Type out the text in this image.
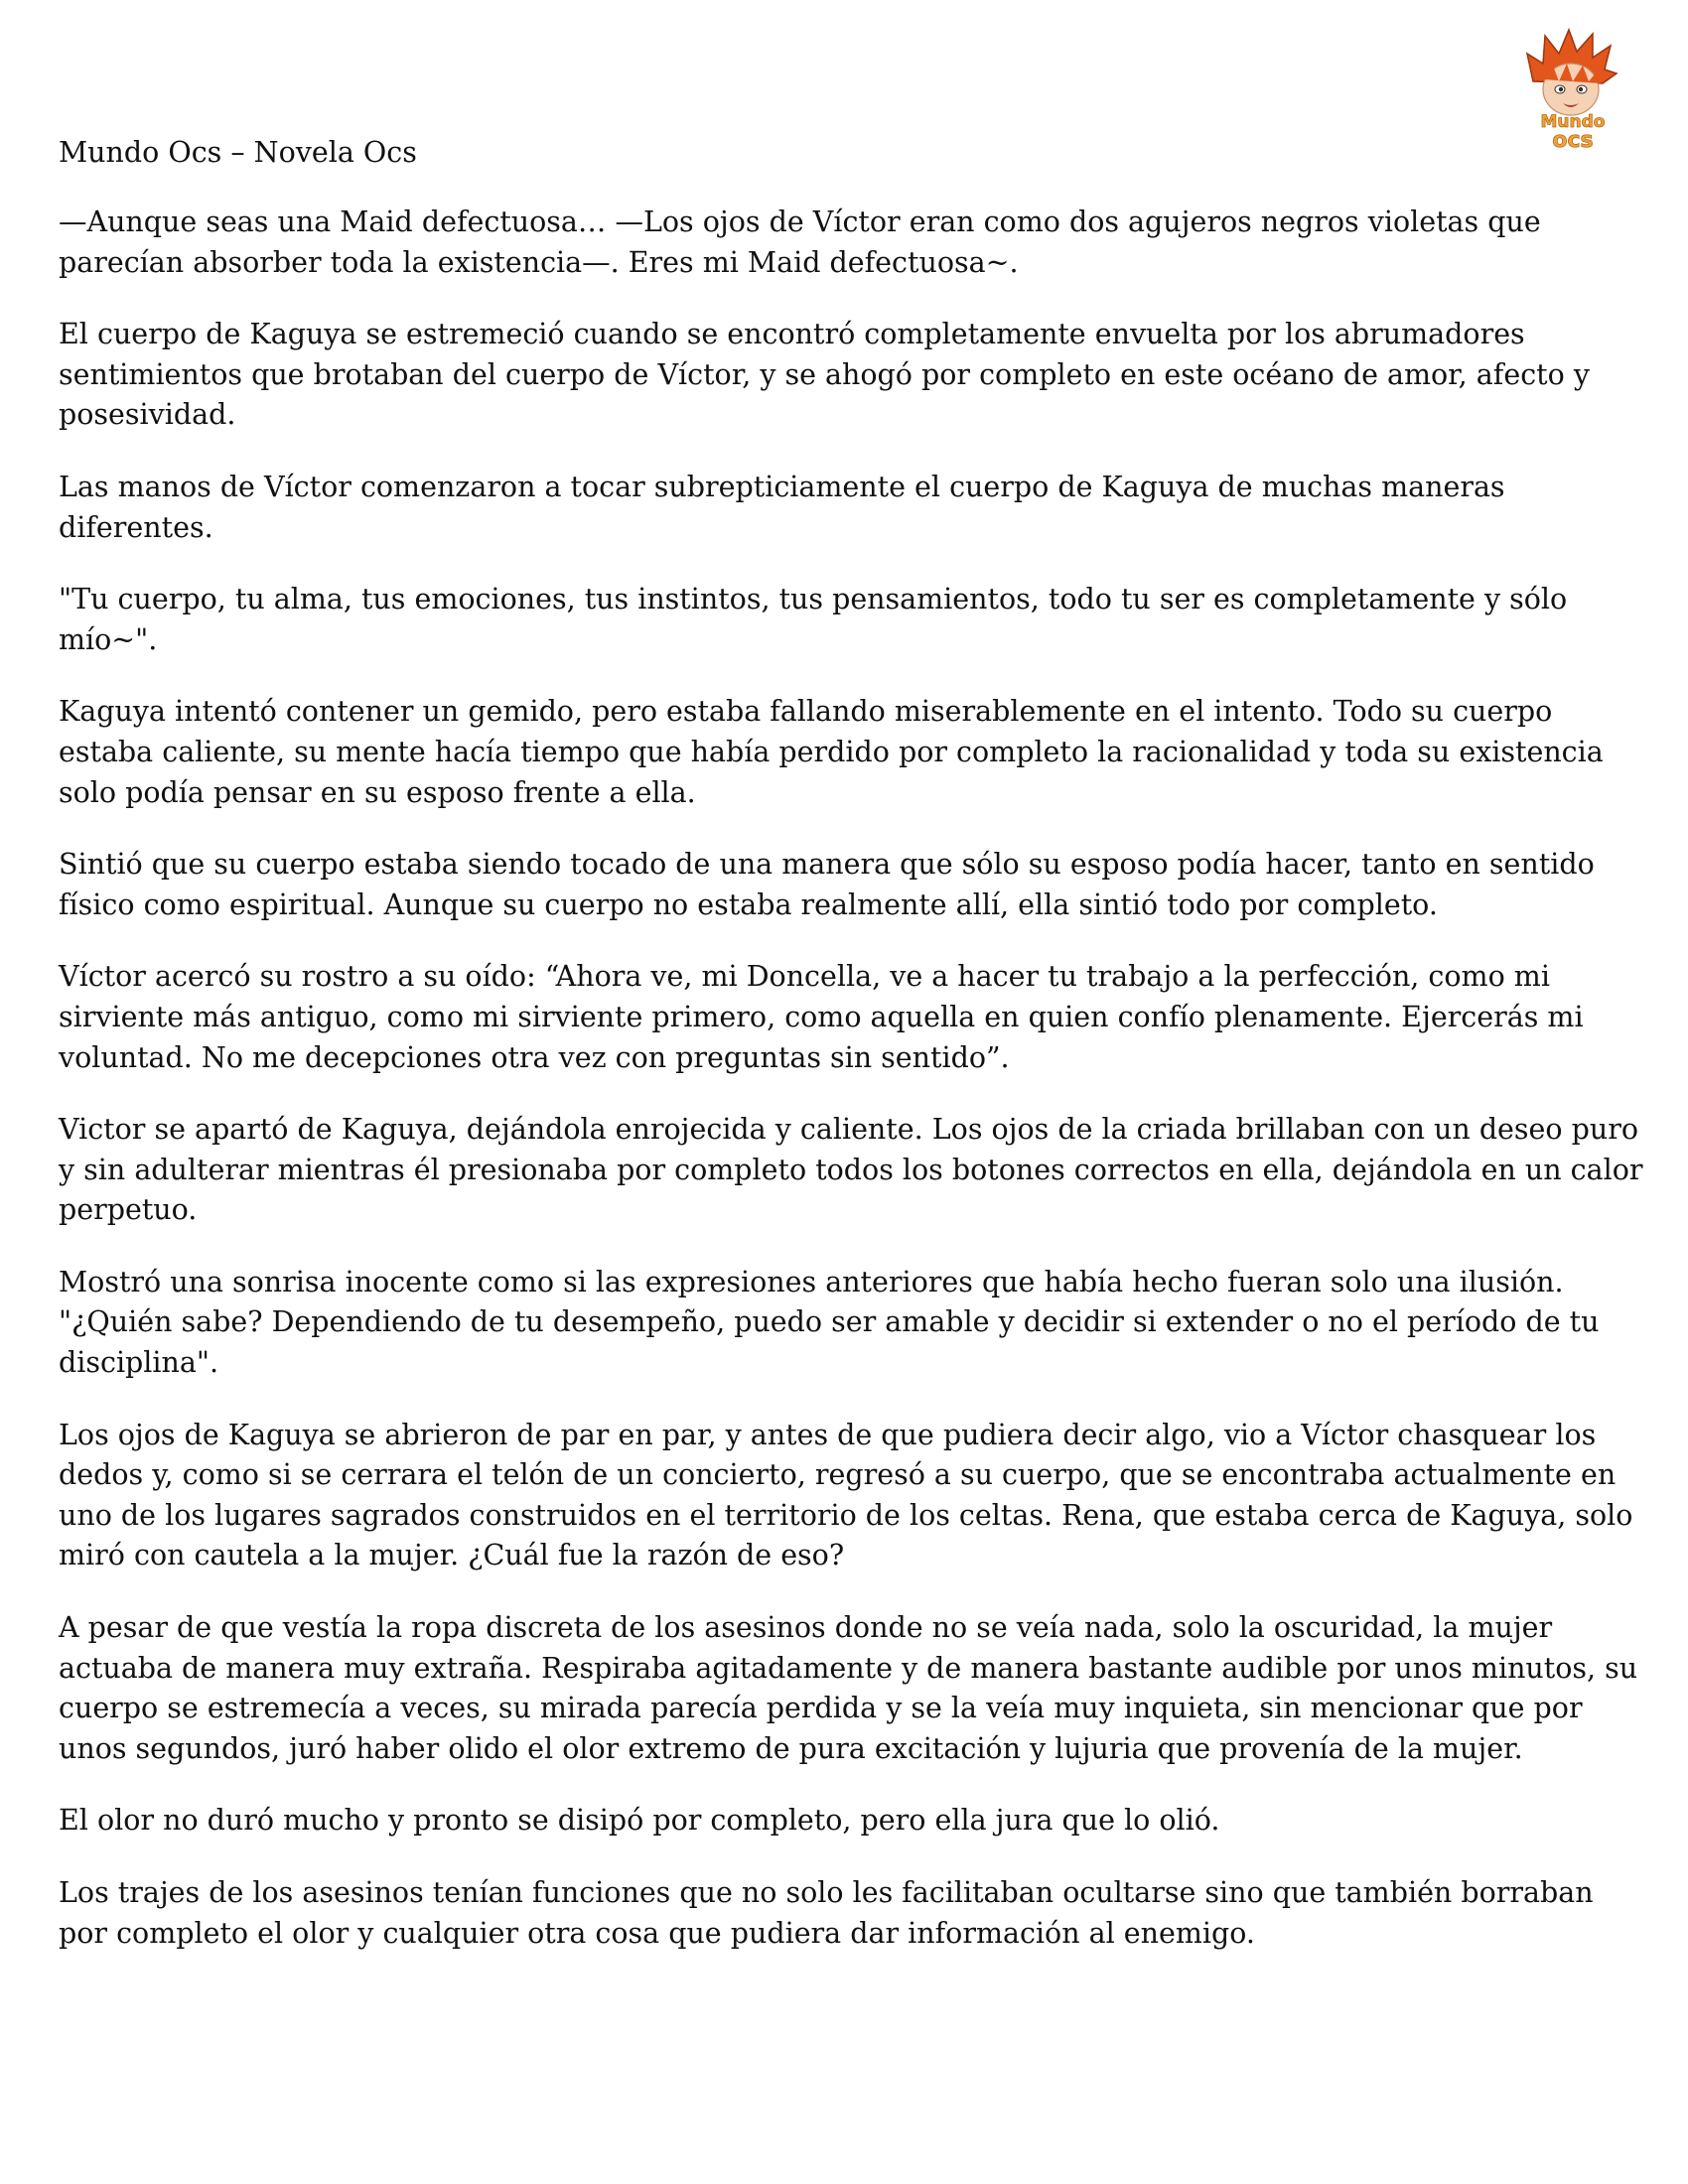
Mundo
ocs
Mundo Ocs – Novela Ocs

—Aunque seas una Maid defectuosa… —Los ojos de Víctor eran como dos agujeros negros violetas que parecían absorber toda la existencia—. Eres mi Maid defectuosa~.

El cuerpo de Kaguya se estremeció cuando se encontró completamente envuelta por los abrumadores sentimientos que brotaban del cuerpo de Víctor, y se ahogó por completo en este océano de amor, afecto y posesividad.

Las manos de Víctor comenzaron a tocar subrepticiamente el cuerpo de Kaguya de muchas maneras diferentes.

"Tu cuerpo, tu alma, tus emociones, tus instintos, tus pensamientos, todo tu ser es completamente y sólo mío~".

Kaguya intentó contener un gemido, pero estaba fallando miserablemente en el intento. Todo su cuerpo estaba caliente, su mente hacía tiempo que había perdido por completo la racionalidad y toda su existencia solo podía pensar en su esposo frente a ella.

Sintió que su cuerpo estaba siendo tocado de una manera que sólo su esposo podía hacer, tanto en sentido físico como espiritual. Aunque su cuerpo no estaba realmente allí, ella sintió todo por completo.

Víctor acercó su rostro a su oído: “Ahora ve, mi Doncella, ve a hacer tu trabajo a la perfección, como mi sirviente más antiguo, como mi sirviente primero, como aquella en quien confío plenamente. Ejercerás mi voluntad. No me decepciones otra vez con preguntas sin sentido”.

Victor se apartó de Kaguya, dejándola enrojecida y caliente. Los ojos de la criada brillaban con un deseo puro y sin adulterar mientras él presionaba por completo todos los botones correctos en ella, dejándola en un calor perpetuo.

Mostró una sonrisa inocente como si las expresiones anteriores que había hecho fueran solo una ilusión. "¿Quién sabe? Dependiendo de tu desempeño, puedo ser amable y decidir si extender o no el período de tu disciplina".

Los ojos de Kaguya se abrieron de par en par, y antes de que pudiera decir algo, vio a Víctor chasquear los dedos y, como si se cerrara el telón de un concierto, regresó a su cuerpo, que se encontraba actualmente en uno de los lugares sagrados construidos en el territorio de los celtas. Rena, que estaba cerca de Kaguya, solo miró con cautela a la mujer. ¿Cuál fue la razón de eso?

A pesar de que vestía la ropa discreta de los asesinos donde no se veía nada, solo la oscuridad, la mujer actuaba de manera muy extraña. Respiraba agitadamente y de manera bastante audible por unos minutos, su cuerpo se estremecía a veces, su mirada parecía perdida y se la veía muy inquieta, sin mencionar que por unos segundos, juró haber olido el olor extremo de pura excitación y lujuria que provenía de la mujer.

El olor no duró mucho y pronto se disipó por completo, pero ella jura que lo olió.

Los trajes de los asesinos tenían funciones que no solo les facilitaban ocultarse sino que también borraban por completo el olor y cualquier otra cosa que pudiera dar información al enemigo.
